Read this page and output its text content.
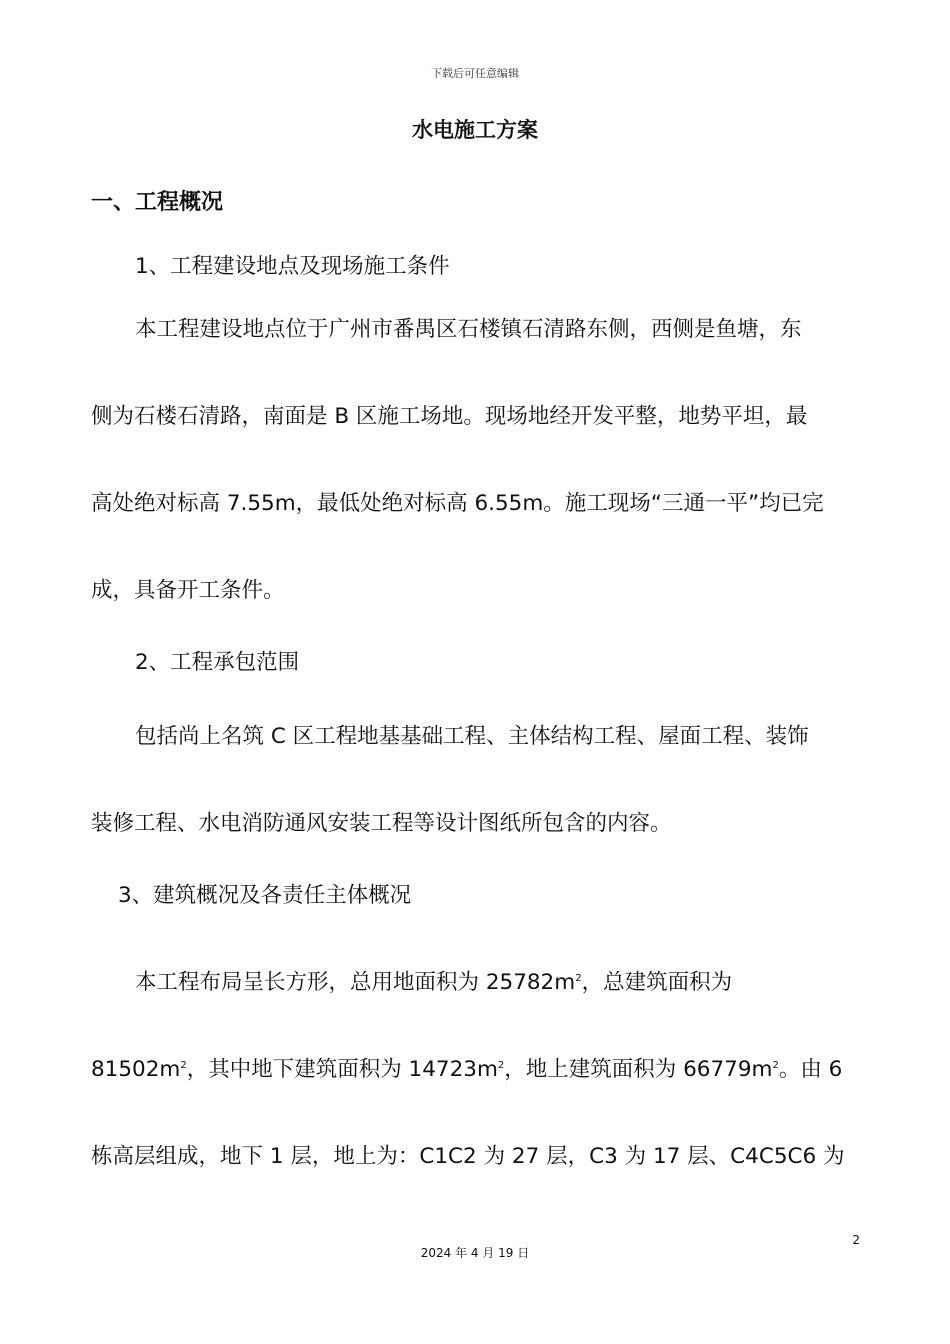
下载后可任意编辑
水电施工方案
一、工程概况
1、工程建设地点及现场施工条件
本工程建设地点位于广州市番禺区石楼镇石清路东侧，西侧是鱼塘，东
侧为石楼石清路，南面是 B 区施工场地。现场地经开发平整，地势平坦，最
高处绝对标高 7.55m，最低处绝对标高 6.55m。施工现场“三通一平”均已完
成，具备开工条件。
2、工程承包范围
包括尚上名筑 C 区工程地基基础工程、主体结构工程、屋面工程、装饰
装修工程、水电消防通风安装工程等设计图纸所包含的内容。
3、建筑概况及各责任主体概况
本工程布局呈长方形，总用地面积为 $25782m^2$，总建筑面积为
$81502m^2$，其中地下建筑面积为 $14723m^2$，地上建筑面积为 $66779m^2$。由 6
栋高层组成，地下 1 层，地上为：C1C2 为 27 层，C3 为 17 层、C4C5C6 为
2
2024 年 4 月 19 日
